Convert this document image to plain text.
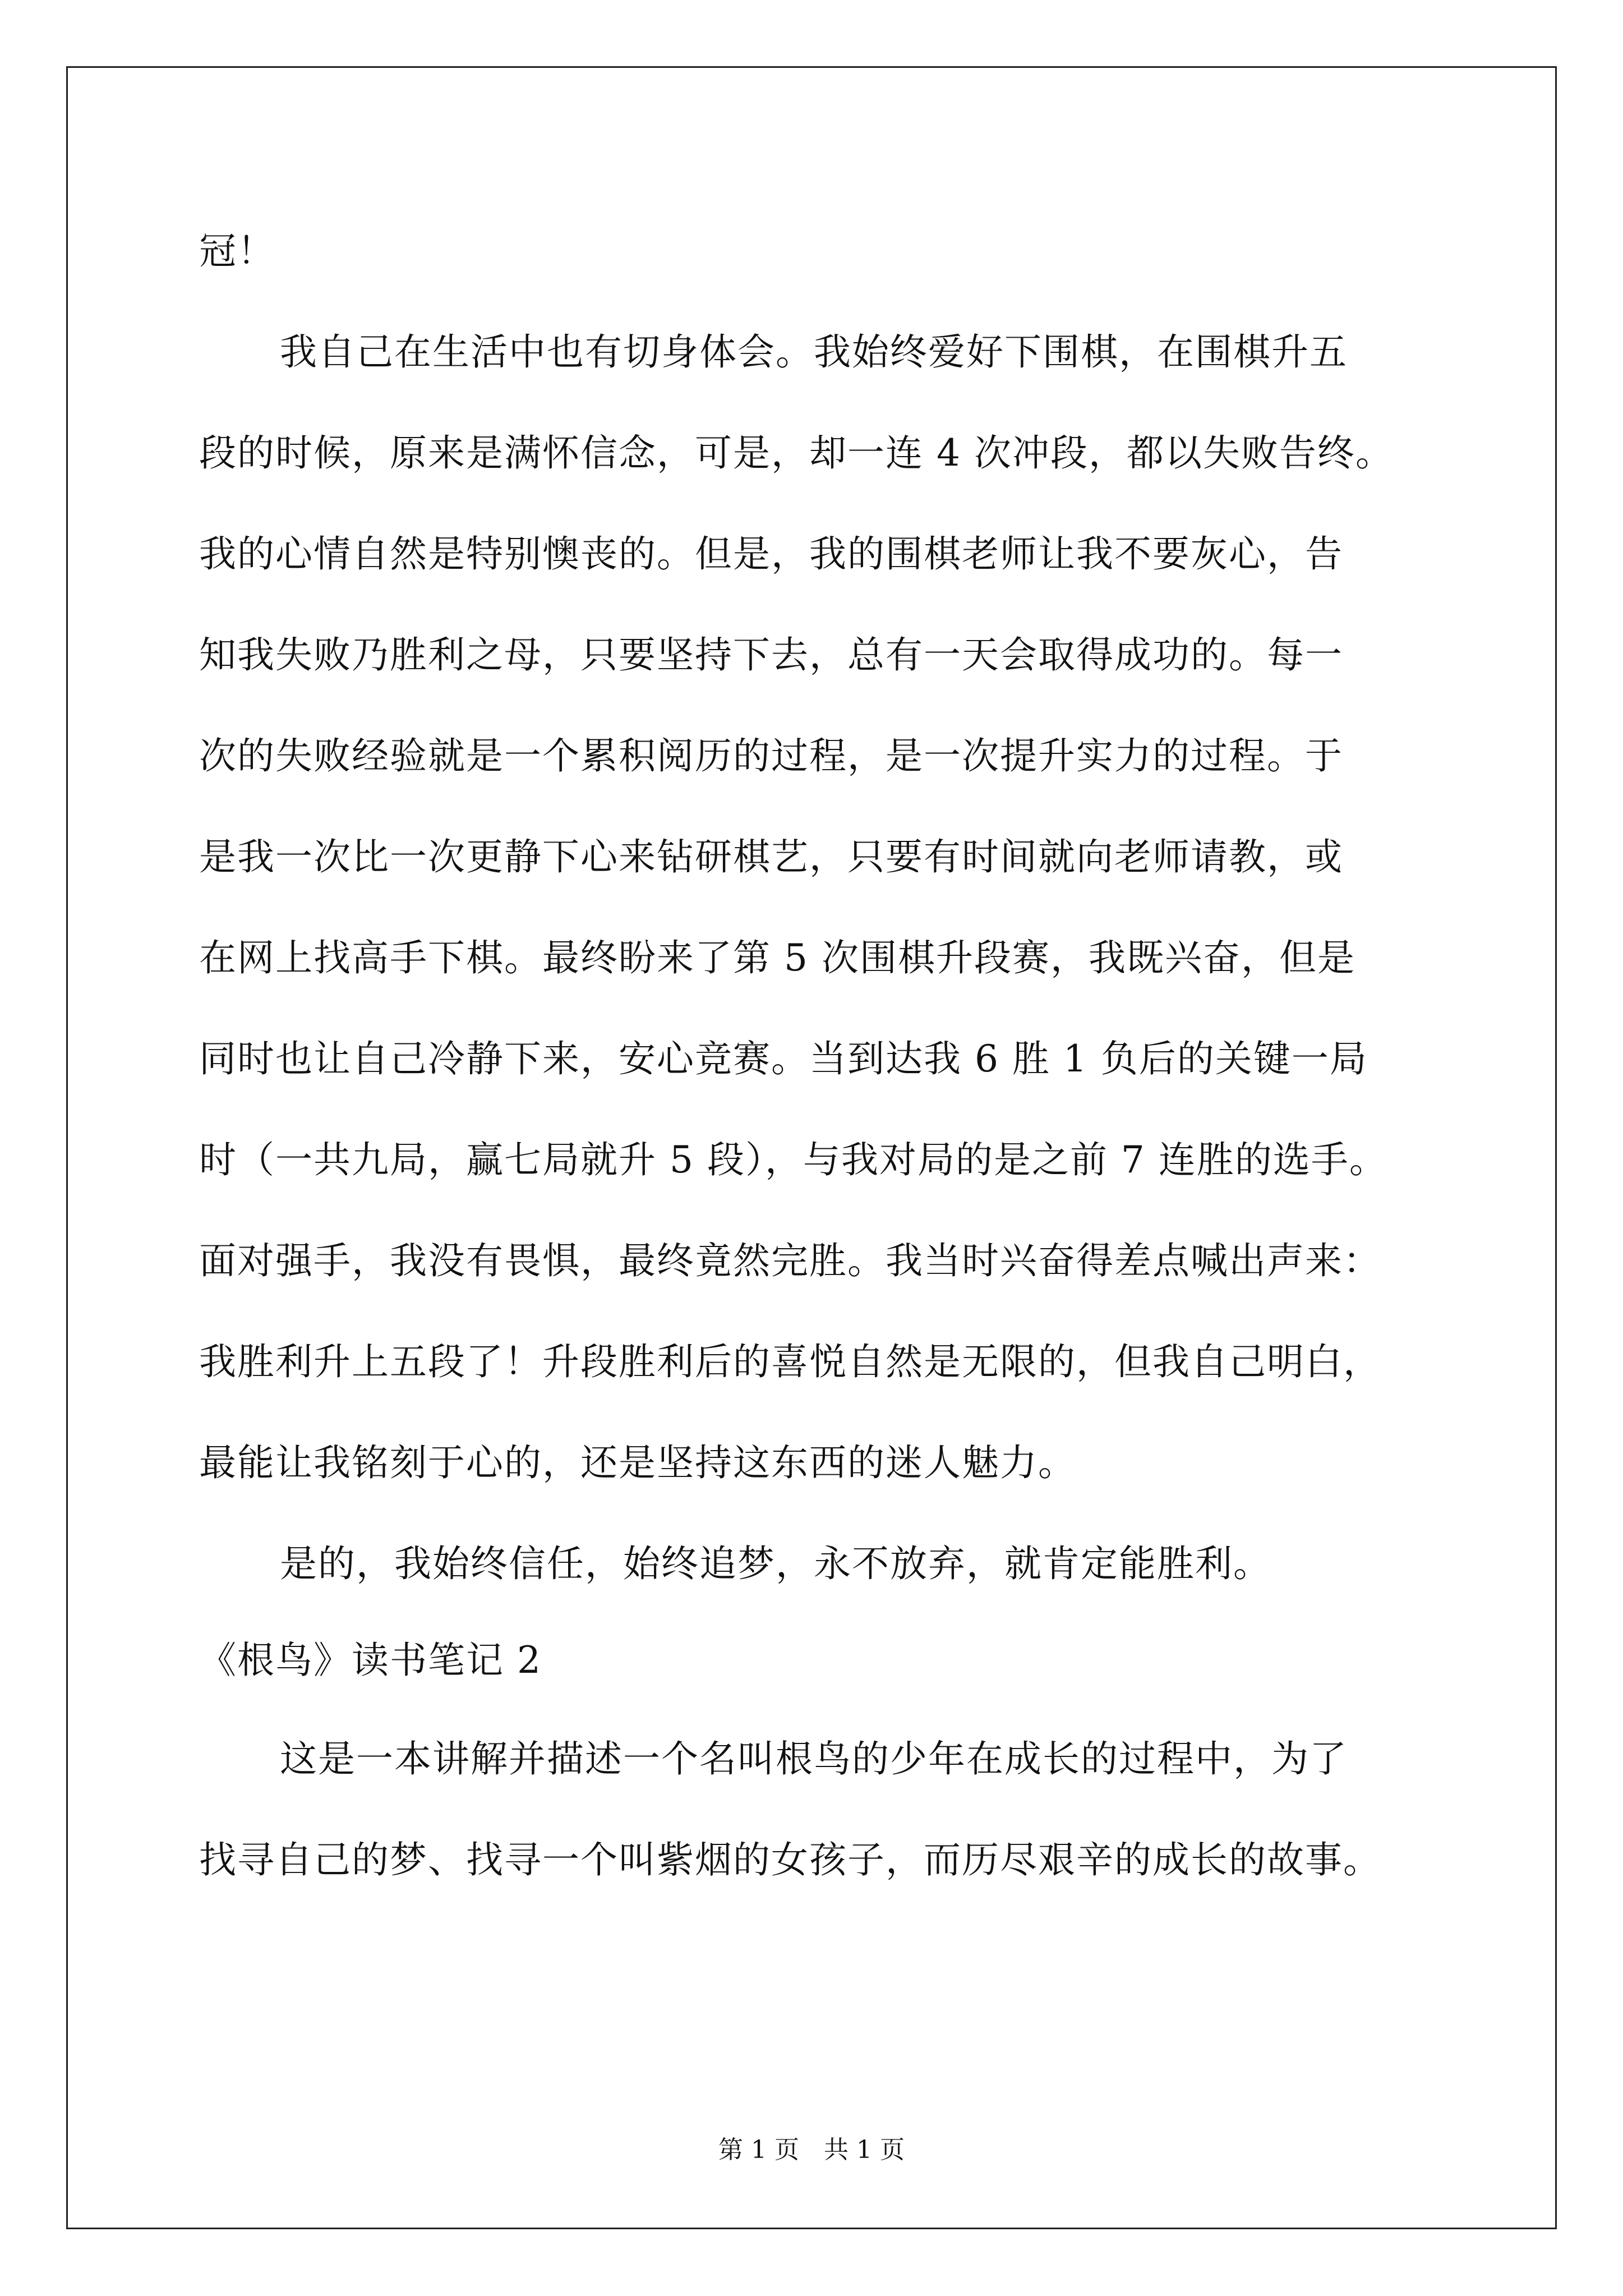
冠！
　我自己在生活中也有切身体会。我始终爱好下围棋，在围棋升五
段的时候，原来是满怀信念，可是，却一连 4 次冲段，都以失败告终。
我的心情自然是特别懊丧的。但是，我的围棋老师让我不要灰心，告
知我失败乃胜利之母，只要坚持下去，总有一天会取得成功的。每一
次的失败经验就是一个累积阅历的过程，是一次提升实力的过程。于
是我一次比一次更静下心来钻研棋艺，只要有时间就向老师请教，或
在网上找高手下棋。最终盼来了第 5 次围棋升段赛，我既兴奋，但是
同时也让自己冷静下来，安心竞赛。当到达我 6 胜 1 负后的关键一局
时（一共九局，赢七局就升 5 段），与我对局的是之前 7 连胜的选手。
面对强手，我没有畏惧，最终竟然完胜。我当时兴奋得差点喊出声来：
我胜利升上五段了！升段胜利后的喜悦自然是无限的，但我自己明白，
最能让我铭刻于心的，还是坚持这东西的迷人魅力。
　是的，我始终信任，始终追梦，永不放弃，就肯定能胜利。
《根鸟》读书笔记 2
　这是一本讲解并描述一个名叫根鸟的少年在成长的过程中，为了
找寻自己的梦、找寻一个叫紫烟的女孩子，而历尽艰辛的成长的故事。
第 1 页 共 1 页
